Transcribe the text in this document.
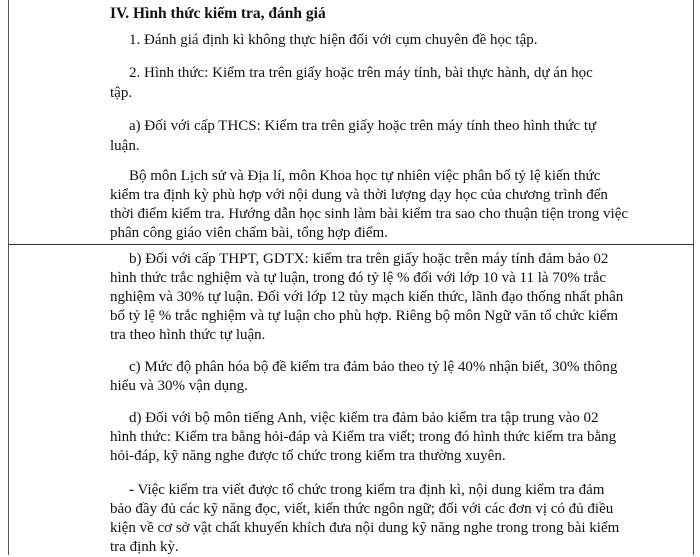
IV. Hình thức kiểm tra, đánh giá
1. Đánh giá định kì không thực hiện đối với cụm chuyên đề học tập.
2. Hình thức: Kiểm tra trên giấy hoặc trên máy tính, bài thực hành, dự án học
tập.
a) Đối với cấp THCS: Kiểm tra trên giấy hoặc trên máy tính theo hình thức tự
luận.
Bộ môn Lịch sử và Địa lí, môn Khoa học tự nhiên việc phân bố tỷ lệ kiến thức
kiểm tra định kỳ phù hợp với nội dung và thời lượng dạy học của chương trình đến
thời điểm kiểm tra. Hướng dẫn học sinh làm bài kiểm tra sao cho thuận tiện trong việc
phân công giáo viên chấm bài, tổng hợp điểm.
b) Đối với cấp THPT, GDTX: kiểm tra trên giấy hoặc trên máy tính đảm bảo 02
hình thức trắc nghiệm và tự luận, trong đó tỷ lệ % đối với lớp 10 và 11 là 70% trắc
nghiệm và 30% tự luận. Đối với lớp 12 tùy mạch kiến thức, lãnh đạo thống nhất phân
bổ tỷ lệ % trắc nghiệm và tự luận cho phù hợp. Riêng bộ môn Ngữ văn tổ chức kiểm
tra theo hình thức tự luận.
c) Mức độ phân hóa bộ đề kiểm tra đảm bảo theo tỷ lệ 40% nhận biết, 30% thông
hiểu và 30% vận dụng.
d) Đối với bộ môn tiếng Anh, việc kiểm tra đảm bảo kiểm tra tập trung vào 02
hình thức: Kiểm tra bằng hỏi-đáp và Kiểm tra viết; trong đó hình thức kiểm tra bằng
hỏi-đáp, kỹ năng nghe được tổ chức trong kiểm tra thường xuyên.
- Việc kiểm tra viết được tổ chức trong kiểm tra định kì, nội dung kiểm tra đảm
bảo đầy đủ các kỹ năng đọc, viết, kiến thức ngôn ngữ; đối với các đơn vị có đủ điều
kiện về cơ sở vật chất khuyến khích đưa nội dung kỹ năng nghe trong trong bài kiểm
tra định kỳ.
